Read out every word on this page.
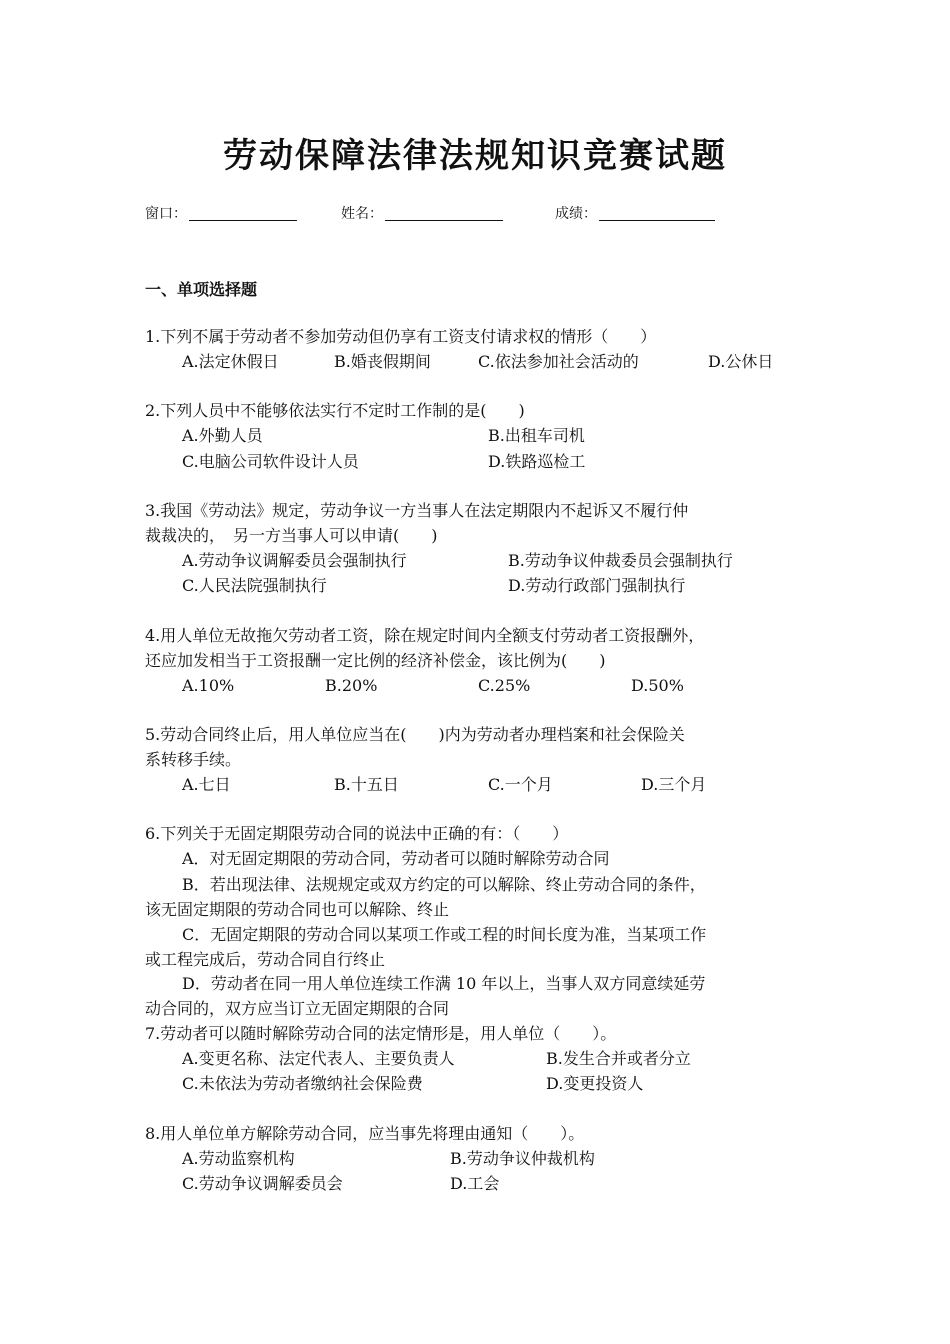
劳动保障法律法规知识竞赛试题
窗口：	姓名：	成绩：
一、单项选择题
1.下列不属于劳动者不参加劳动但仍享有工资支付请求权的情形（　　）
A.法定休假日	B.婚丧假期间	C.依法参加社会活动的	D.公休日
2.下列人员中不能够依法实行不定时工作制的是(　　)
A.外勤人员	B.出租车司机
C.电脑公司软件设计人员	D.铁路巡检工
3.我国《劳动法》规定，劳动争议一方当事人在法定期限内不起诉又不履行仲
裁裁决的，　另一方当事人可以申请(　　)
A.劳动争议调解委员会强制执行	B.劳动争议仲裁委员会强制执行
C.人民法院强制执行	D.劳动行政部门强制执行
4.用人单位无故拖欠劳动者工资，除在规定时间内全额支付劳动者工资报酬外，
还应加发相当于工资报酬一定比例的经济补偿金，该比例为(　　)
A.10%	B.20%	C.25%	D.50%
5.劳动合同终止后，用人单位应当在(　　)内为劳动者办理档案和社会保险关
系转移手续。
A.七日	B.十五日	C.一个月	D.三个月
6.下列关于无固定期限劳动合同的说法中正确的有：（　　）
A．对无固定期限的劳动合同，劳动者可以随时解除劳动合同
B．若出现法律、法规规定或双方约定的可以解除、终止劳动合同的条件，
该无固定期限的劳动合同也可以解除、终止
C．无固定期限的劳动合同以某项工作或工程的时间长度为准，当某项工作
或工程完成后，劳动合同自行终止
D．劳动者在同一用人单位连续工作满 10 年以上，当事人双方同意续延劳
动合同的，双方应当订立无固定期限的合同
7.劳动者可以随时解除劳动合同的法定情形是，用人单位（　　）。
A.变更名称、法定代表人、主要负责人	B.发生合并或者分立
C.未依法为劳动者缴纳社会保险费	D.变更投资人
8.用人单位单方解除劳动合同，应当事先将理由通知（　　）。
A.劳动监察机构	B.劳动争议仲裁机构
C.劳动争议调解委员会	D.工会
